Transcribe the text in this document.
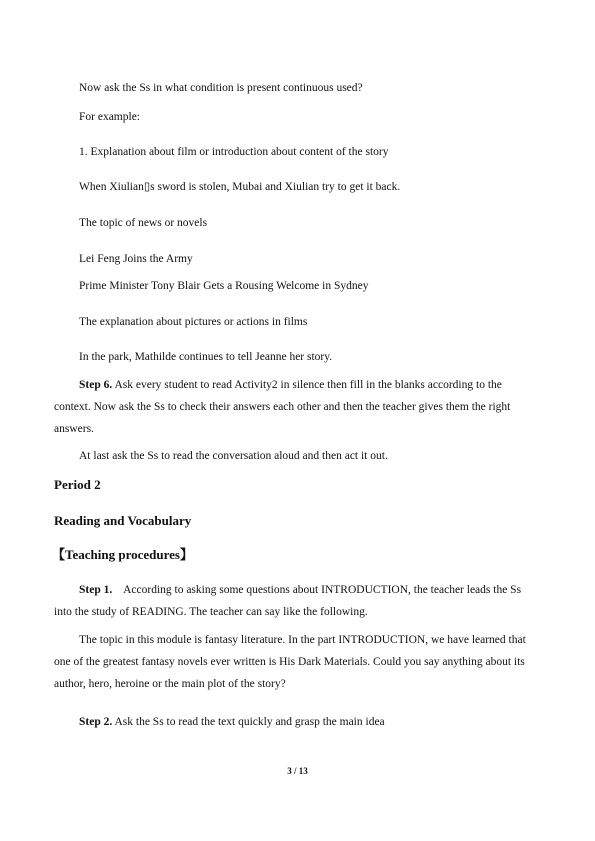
Now ask the Ss in what condition is present continuous used?
For example:
1. Explanation about film or introduction about content of the story
When Xiulian▯s sword is stolen, Mubai and Xiulian try to get it back.
The topic of news or novels
Lei Feng Joins the Army
Prime Minister Tony Blair Gets a Rousing Welcome in Sydney
The explanation about pictures or actions in films
In the park, Mathilde continues to tell Jeanne her story.
Step 6. Ask every student to read Activity2 in silence then fill in the blanks according to the context. Now ask the Ss to check their answers each other and then the teacher gives them the right answers.
At last ask the Ss to read the conversation aloud and then act it out.
Period 2
Reading and Vocabulary
【Teaching procedures】
Step 1.    According to asking some questions about INTRODUCTION, the teacher leads the Ss into the study of READING. The teacher can say like the following.
The topic in this module is fantasy literature. In the part INTRODUCTION, we have learned that one of the greatest fantasy novels ever written is His Dark Materials. Could you say anything about its author, hero, heroine or the main plot of the story?
Step 2. Ask the Ss to read the text quickly and grasp the main idea
3 / 13
